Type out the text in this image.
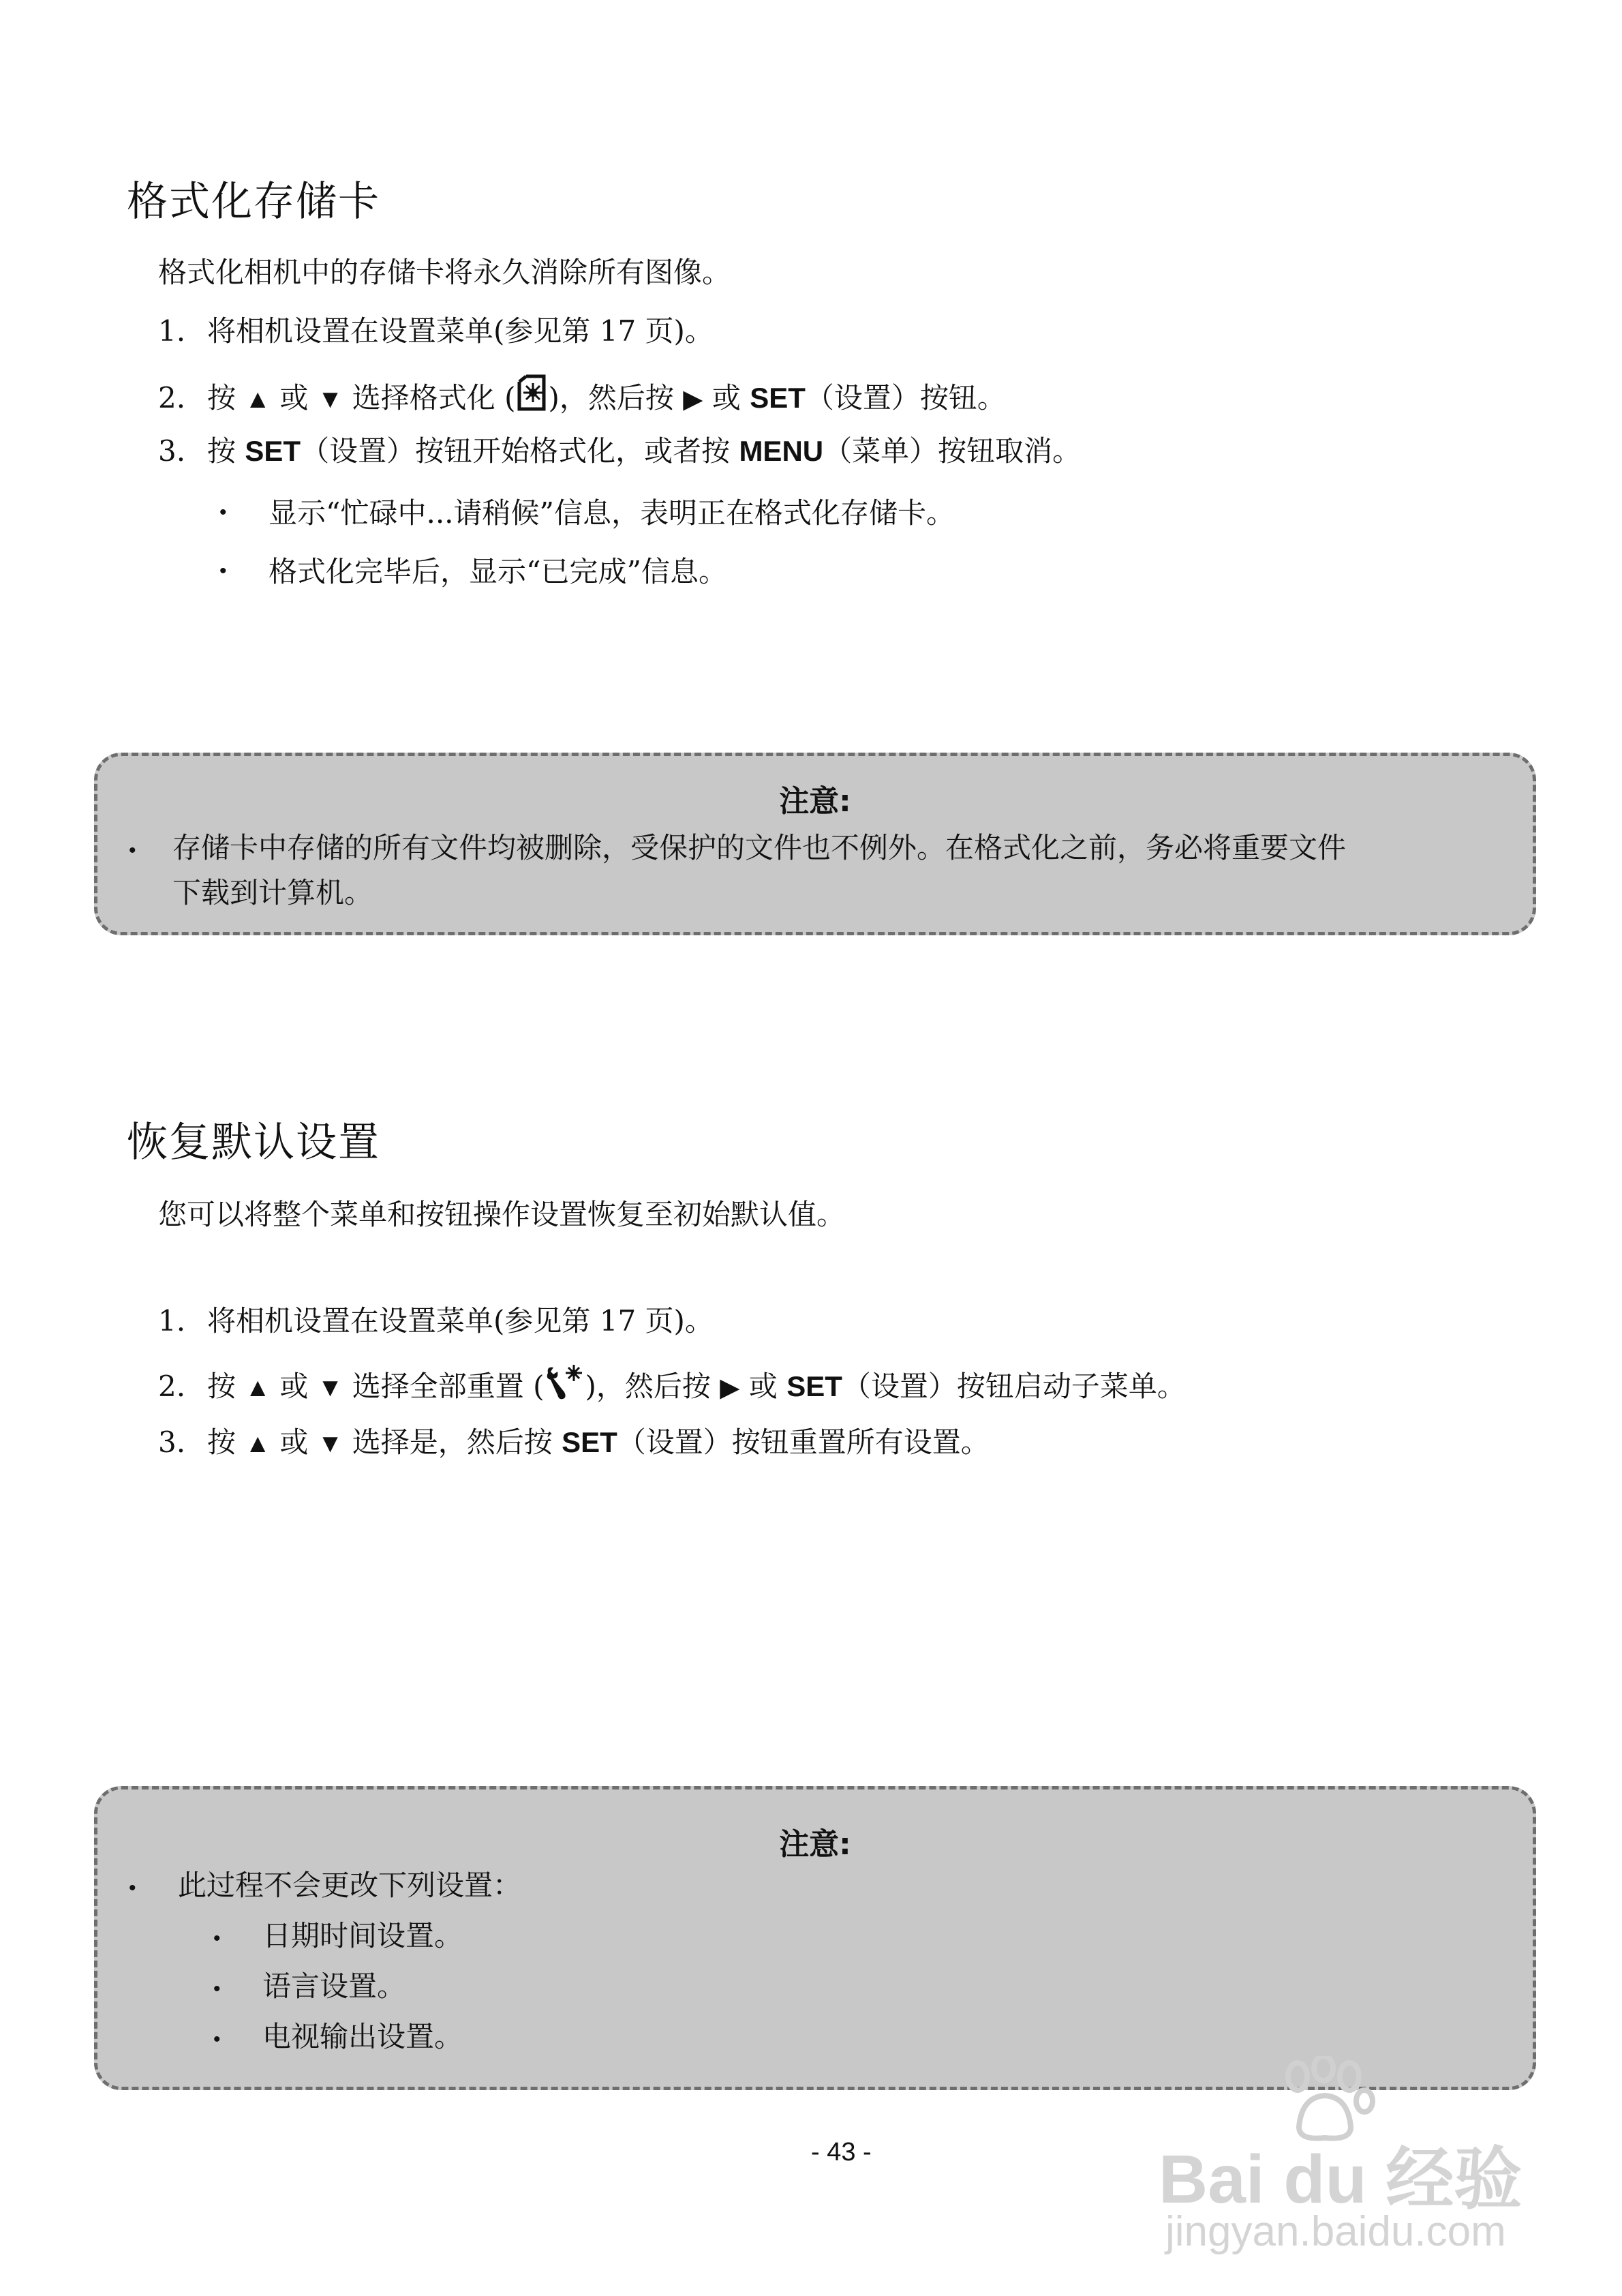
格式化存储卡
格式化相机中的存储卡将永久消除所有图像。
1. 将相机设置在设置菜单(参见第 17 页)。
2. 按 ▲ 或 ▼ 选择格式化 ( )，然后按 ▶ 或 SET（设置）按钮。
3. 按 SET（设置）按钮开始格式化，或者按 MENU（菜单）按钮取消。
• 显示“忙碌中...请稍候”信息，表明正在格式化存储卡。
• 格式化完毕后，显示“已完成”信息。
注意:
• 存储卡中存储的所有文件均被删除，受保护的文件也不例外。在格式化之前，务必将重要文件
下载到计算机。
恢复默认设置
您可以将整个菜单和按钮操作设置恢复至初始默认值。
1. 将相机设置在设置菜单(参见第 17 页)。
2. 按 ▲ 或 ▼ 选择全部重置 ( )，然后按 ▶ 或 SET（设置）按钮启动子菜单。
3. 按 ▲ 或 ▼ 选择是，然后按 SET（设置）按钮重置所有设置。
注意:
• 此过程不会更改下列设置：
• 日期时间设置。
• 语言设置。
• 电视输出设置。
- 43 -	Bai du 经验
jingyan.baidu.com
